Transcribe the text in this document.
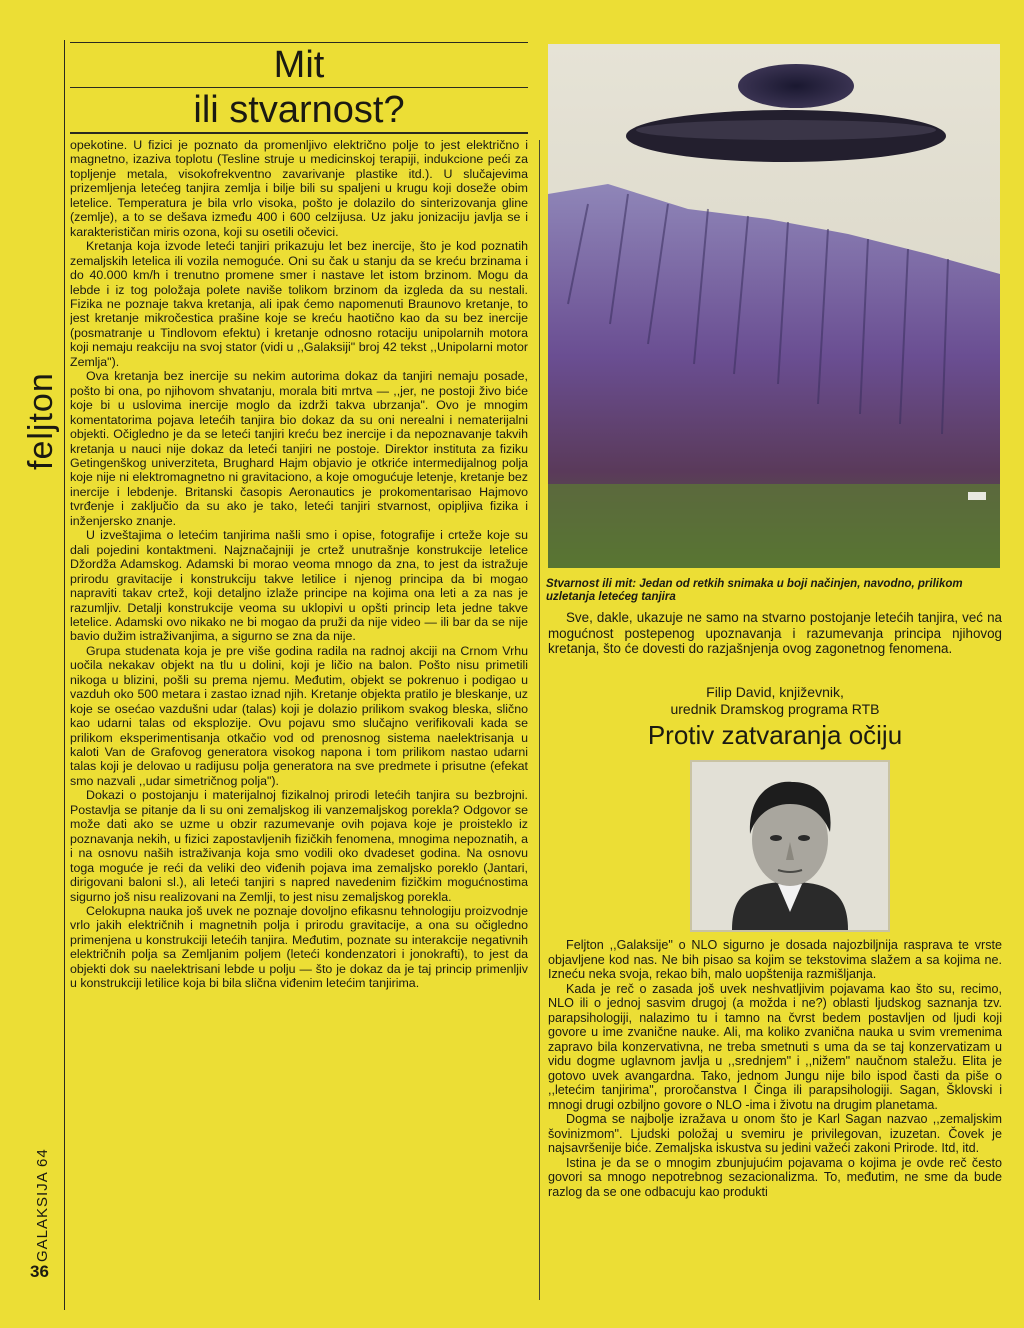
feljton
GALAKSIJA 64
36
Mit
ili stvarnost?

opekotine. U fizici je poznato da promenljivo električno polje to jest električno i magnetno, izaziva toplotu (Tesline struje u medicinskoj terapiji, indukcione peći za topljenje metala, visokofrekventno zavarivanje plastike itd.). U slučajevima prizemljenja letećeg tanjira zemlja i bilje bili su spaljeni u krugu koji doseže obim letelice. Temperatura je bila vrlo visoka, pošto je dolazilo do sinterizovanja gline (zemlje), a to se dešava između 400 i 600 celzijusa. Uz jaku jonizaciju javlja se i karakterističan miris ozona, koji su osetili očevici.

Kretanja koja izvode leteći tanjiri prikazuju let bez inercije, što je kod poznatih zemaljskih letelica ili vozila nemoguće. Oni su čak u stanju da se kreću brzinama i do 40.000 km/h i trenutno promene smer i nastave let istom brzinom. Mogu da lebde i iz tog položaja polete naviše tolikom brzinom da izgleda da su nestali. Fizika ne poznaje takva kretanja, ali ipak ćemo napomenuti Braunovo kretanje, to jest kretanje mikročestica prašine koje se kreću haotično kao da su bez inercije (posmatranje u Tindlovom efektu) i kretanje odnosno rotaciju unipolarnih motora koji nemaju reakciju na svoj stator (vidi u ,,Galaksiji" broj 42 tekst ,,Unipolarni motor Zemlja").

Ova kretanja bez inercije su nekim autorima dokaz da tanjiri nemaju posade, pošto bi ona, po njihovom shvatanju, morala biti mrtva — ,,jer, ne postoji živo biće koje bi u uslovima inercije moglo da izdrži takva ubrzanja". Ovo je mnogim komentatorima pojava letećih tanjira bio dokaz da su oni nerealni i nematerijalni objekti. Očigledno je da se leteći tanjiri kreću bez inercije i da nepoznavanje takvih kretanja u nauci nije dokaz da leteći tanjiri ne postoje. Direktor instituta za fiziku Getingenškog univerziteta, Brughard Hajm objavio je otkriće intermedijalnog polja koje nije ni elektromagnetno ni gravitaciono, a koje omogućuje letenje, kretanje bez inercije i lebdenje. Britanski časopis Aeronautics je prokomentarisao Hajmovo tvrđenje i zaključio da su ako je tako, leteći tanjiri stvarnost, opipljiva fizika i inženjersko znanje.

U izveštajima o letećim tanjirima našli smo i opise, fotografije i crteže koje su dali pojedini kontaktmeni. Najznačajniji je crtež unutrašnje konstrukcije letelice Džordža Adamskog. Adamski bi morao veoma mnogo da zna, to jest da istražuje prirodu gravitacije i konstrukciju takve letilice i njenog principa da bi mogao napraviti takav crtež, koji detaljno izlaže principe na kojima ona leti a za nas je razumljiv. Detalji konstrukcije veoma su uklopivi u opšti princip leta jedne takve letelice. Adamski ovo nikako ne bi mogao da pruži da nije video — ili bar da se nije bavio dužim istraživanjima, a sigurno se zna da nije.

Grupa studenata koja je pre više godina radila na radnoj akciji na Crnom Vrhu uočila nekakav objekt na tlu u dolini, koji je ličio na balon. Pošto nisu primetili nikoga u blizini, pošli su prema njemu. Međutim, objekt se pokrenuo i podigao u vazduh oko 500 metara i zastao iznad njih. Kretanje objekta pratilo je bleskanje, uz koje se osećao vazdušni udar (talas) koji je dolazio prilikom svakog bleska, slično kao udarni talas od eksplozije. Ovu pojavu smo slučajno verifikovali kada se prilikom eksperimentisanja otkačio vod od prenosnog sistema naelektrisanja u kaloti Van de Grafovog generatora visokog napona i tom prilikom nastao udarni talas koji je delovao u radijusu polja generatora na sve predmete i prisutne (efekat smo nazvali ,,udar simetričnog polja").

Dokazi o postojanju i materijalnoj fizikalnoj prirodi letećih tanjira su bezbrojni. Postavlja se pitanje da li su oni zemaljskog ili vanzemaljskog porekla? Odgovor se može dati ako se uzme u obzir razumevanje ovih pojava koje je proisteklo iz poznavanja nekih, u fizici zapostavljenih fizičkih fenomena, mnogima nepoznatih, a i na osnovu naših istraživanja koja smo vodili oko dvadeset godina. Na osnovu toga moguće je reći da veliki deo viđenih pojava ima zemaljsko poreklo (Jantari, dirigovani baloni sl.), ali leteći tanjiri s napred navedenim fizičkim mogućnostima sigurno još nisu realizovani na Zemlji, to jest nisu zemaljskog porekla.

Celokupna nauka još uvek ne poznaje dovoljno efikasnu tehnologiju proizvodnje vrlo jakih električnih i magnetnih polja i prirodu gravitacije, a ona su očigledno primenjena u konstrukciji letećih tanjira. Međutim, poznate su interakcije negativnih električnih polja sa Zemljanim poljem (leteći kondenzatori i jonokrafti), to jest da objekti dok su naelektrisani lebde u polju — što je dokaz da je taj princip primenljiv u konstrukciji letilice koja bi bila slična viđenim letećim tanjirima.

Stvarnost ili mit: Jedan od retkih snimaka u boji načinjen, navodno, prilikom uzletanja letećeg tanjira

Sve, dakle, ukazuje ne samo na stvarno postojanje letećih tanjira, već na mogućnost postepenog upoznavanja i razumevanja principa njihovog kretanja, što će dovesti do razjašnjenja ovog zagonetnog fenomena.

Filip David, književnik,
urednik Dramskog programa RTB
Protiv zatvaranja očiju

Feljton ,,Galaksije" o NLO sigurno je dosada najozbiljnija rasprava te vrste objavljene kod nas. Ne bih pisao sa kojim se tekstovima slažem a sa kojima ne. Izneću neka svoja, rekao bih, malo uopštenija razmišljanja.

Kada je reč o zasada još uvek neshvatljivim pojavama kao što su, recimo, NLO ili o jednoj sasvim drugoj (a možda i ne?) oblasti ljudskog saznanja tzv. parapsihologiji, nalazimo tu i tamno na čvrst bedem postavljen od ljudi koji govore u ime zvanične nauke. Ali, ma koliko zvanična nauka u svim vremenima zapravo bila konzervativna, ne treba smetnuti s uma da se taj konzervatizam u vidu dogme uglavnom javlja u ,,srednjem" i ,,nižem" naučnom staležu. Elita je gotovo uvek avangardna. Tako, jednom Jungu nije bilo ispod časti da piše o ,,letećim tanjirima", proročanstva I Činga ili parapsihologiji. Sagan, Šklovski i mnogi drugi ozbiljno govore o NLO -ima i životu na drugim planetama.

Dogma se najbolje izražava u onom što je Karl Sagan nazvao ,,zemaljskim šovinizmom". Ljudski položaj u svemiru je privilegovan, izuzetan. Čovek je najsavršenije biće. Zemaljska iskustva su jedini važeći zakoni Prirode. Itd, itd.

Istina je da se o mnogim zbunjujućim pojavama o kojima je ovde reč često govori sa mnogo nepotrebnog sezacionalizma. To, međutim, ne sme da bude razlog da se one odbacuju kao produkti
